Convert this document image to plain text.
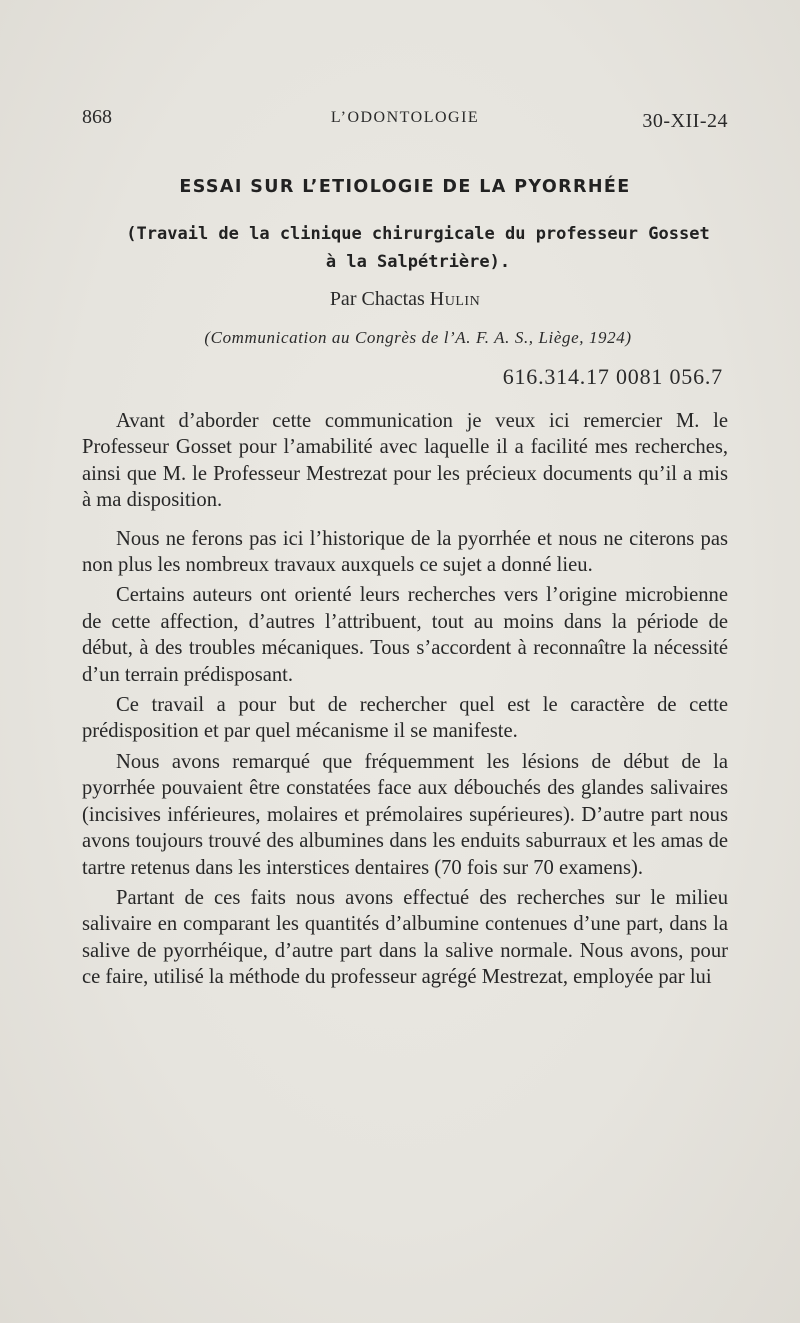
868	L’ODONTOLOGIE	30-XII-24
ESSAI SUR L’ETIOLOGIE DE LA PYORRHÉE
(Travail de la clinique chirurgicale du professeur Gosset
à la Salpétrière).
Par Chactas Hulin
(Communication au Congrès de l’A. F. A. S., Liège, 1924)
616.314.17 0081 056.7

Avant d’aborder cette communication je veux ici remercier M. le Professeur Gosset pour l’amabilité avec laquelle il a facilité mes recherches, ainsi que M. le Professeur Mestrezat pour les précieux documents qu’il a mis à ma disposition.

Nous ne ferons pas ici l’historique de la pyorrhée et nous ne citerons pas non plus les nombreux travaux auxquels ce sujet a donné lieu.

Certains auteurs ont orienté leurs recherches vers l’origine microbienne de cette affection, d’autres l’attribuent, tout au moins dans la période de début, à des troubles mécaniques. Tous s’accordent à reconnaître la nécessité d’un terrain prédisposant.

Ce travail a pour but de rechercher quel est le caractère de cette prédisposition et par quel mécanisme il se manifeste.

Nous avons remarqué que fréquemment les lésions de début de la pyorrhée pouvaient être constatées face aux débouchés des glandes salivaires (incisives inférieures, molaires et prémolaires supérieures). D’autre part nous avons toujours trouvé des albumines dans les enduits saburraux et les amas de tartre retenus dans les interstices dentaires (70 fois sur 70 examens).

Partant de ces faits nous avons effectué des recherches sur le milieu salivaire en comparant les quantités d’albumine contenues d’une part, dans la salive de pyorrhéique, d’autre part dans la salive normale. Nous avons, pour ce faire, utilisé la méthode du professeur agrégé Mestrezat, employée par lui
